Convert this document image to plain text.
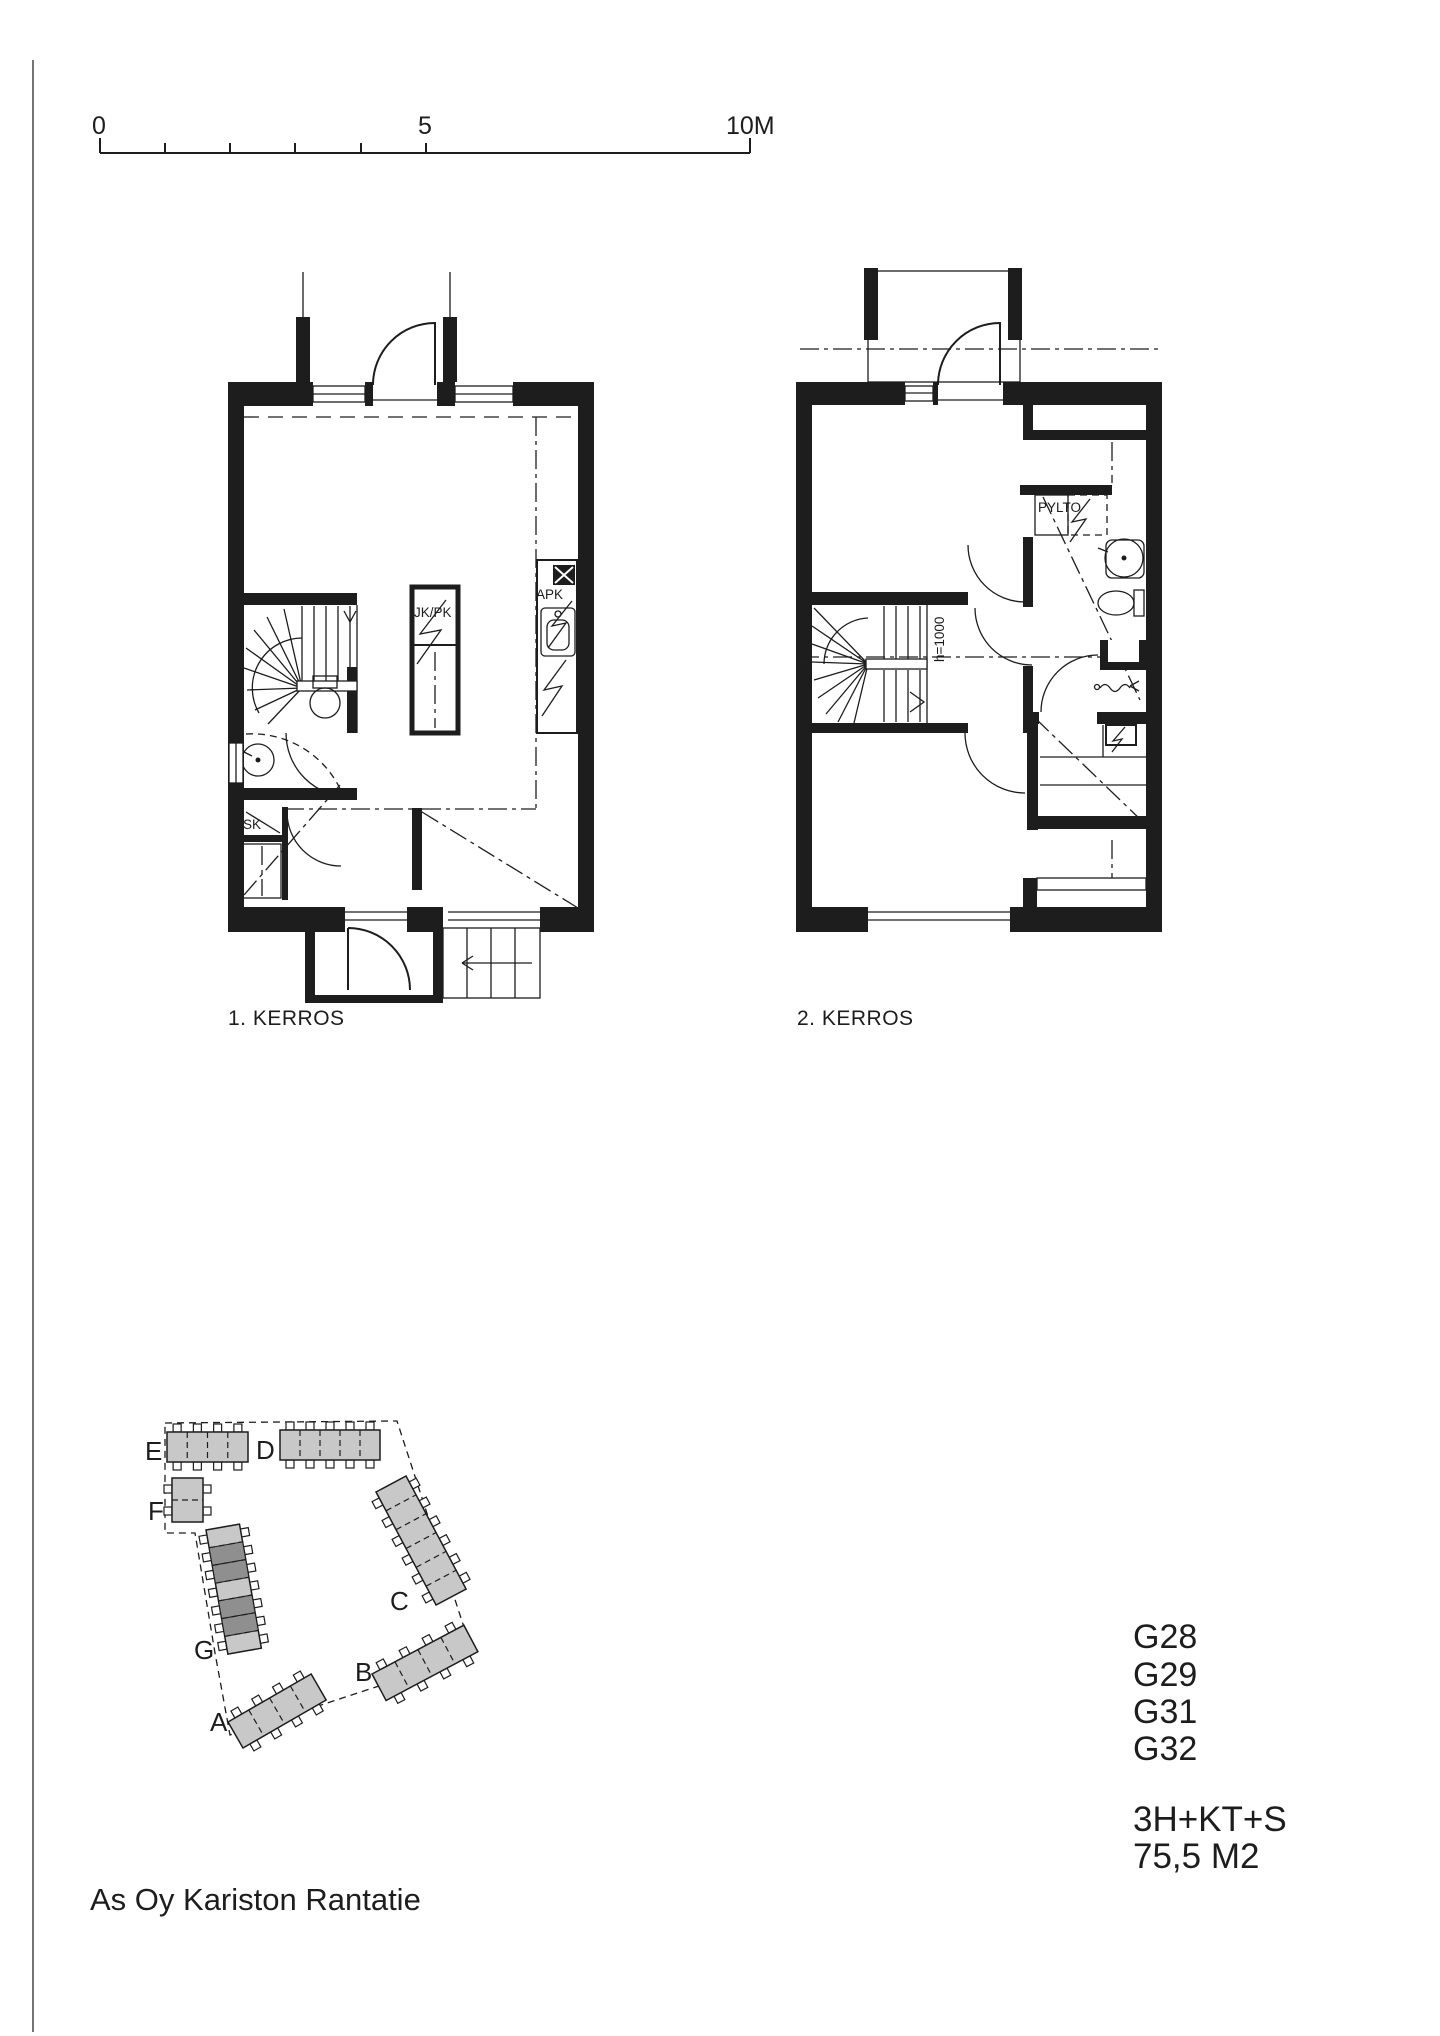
0	5	10M
JK/PK
APK
SK
1. KERROS
PYLTO
h=1000
2. KERROS
A
B
C
D
E
F
G	G28
G29
G31
G32
3H+KT+S
75,5 M2
As Oy Kariston Rantatie
